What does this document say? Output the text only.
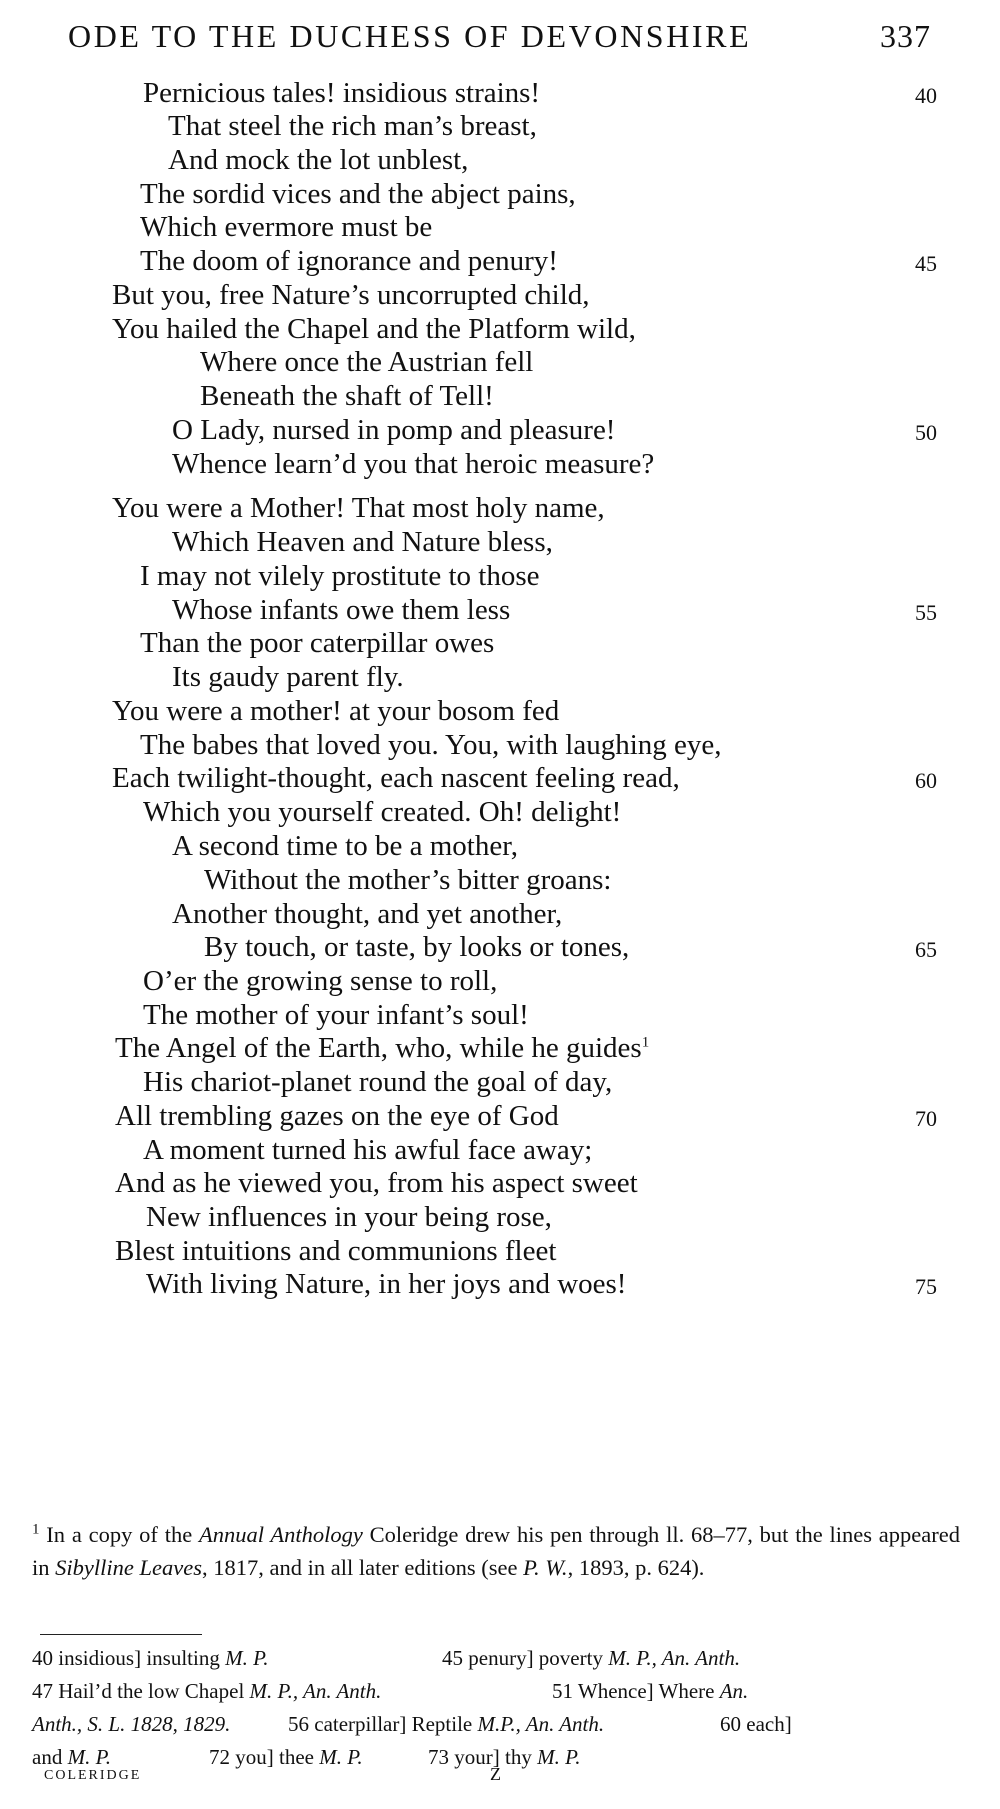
ODE TO THE DUCHESS OF DEVONSHIRE	337
Pernicious tales! insidious strains!	40
That steel the rich man’s breast,
And mock the lot unblest,
The sordid vices and the abject pains,
Which evermore must be
The doom of ignorance and penury!	45
But you, free Nature’s uncorrupted child,
You hailed the Chapel and the Platform wild,
Where once the Austrian fell
Beneath the shaft of Tell!
O Lady, nursed in pomp and pleasure!	50
Whence learn’d you that heroic measure?
You were a Mother! That most holy name,
Which Heaven and Nature bless,
I may not vilely prostitute to those
Whose infants owe them less	55
Than the poor caterpillar owes
Its gaudy parent fly.
You were a mother! at your bosom fed
The babes that loved you. You, with laughing eye,
Each twilight-thought, each nascent feeling read,	60
Which you yourself created. Oh! delight!
A second time to be a mother,
Without the mother’s bitter groans:
Another thought, and yet another,
By touch, or taste, by looks or tones,	65
O’er the growing sense to roll,
The mother of your infant’s soul!
The Angel of the Earth, who, while he guides$^1$
His chariot-planet round the goal of day,
All trembling gazes on the eye of God	70
A moment turned his awful face away;
And as he viewed you, from his aspect sweet
New influences in your being rose,
Blest intuitions and communions fleet
With living Nature, in her joys and woes!	75
$^1$ In a copy of the Annual Anthology Coleridge drew his pen through ll. 68–77, but the lines appeared in Sibylline Leaves, 1817, and in all later editions (see P. W., 1893, p. 624).
40 insidious] insulting M. P.	45 penury] poverty M. P., An. Anth.
47 Hail’d the low Chapel M. P., An. Anth.	51 Whence] Where An.
Anth., S. L. 1828, 1829.	56 caterpillar] Reptile M.P., An. Anth.	60 each]
and M. P.	72 you] thee M. P.	73 your] thy M. P.
COLERIDGE	Z
